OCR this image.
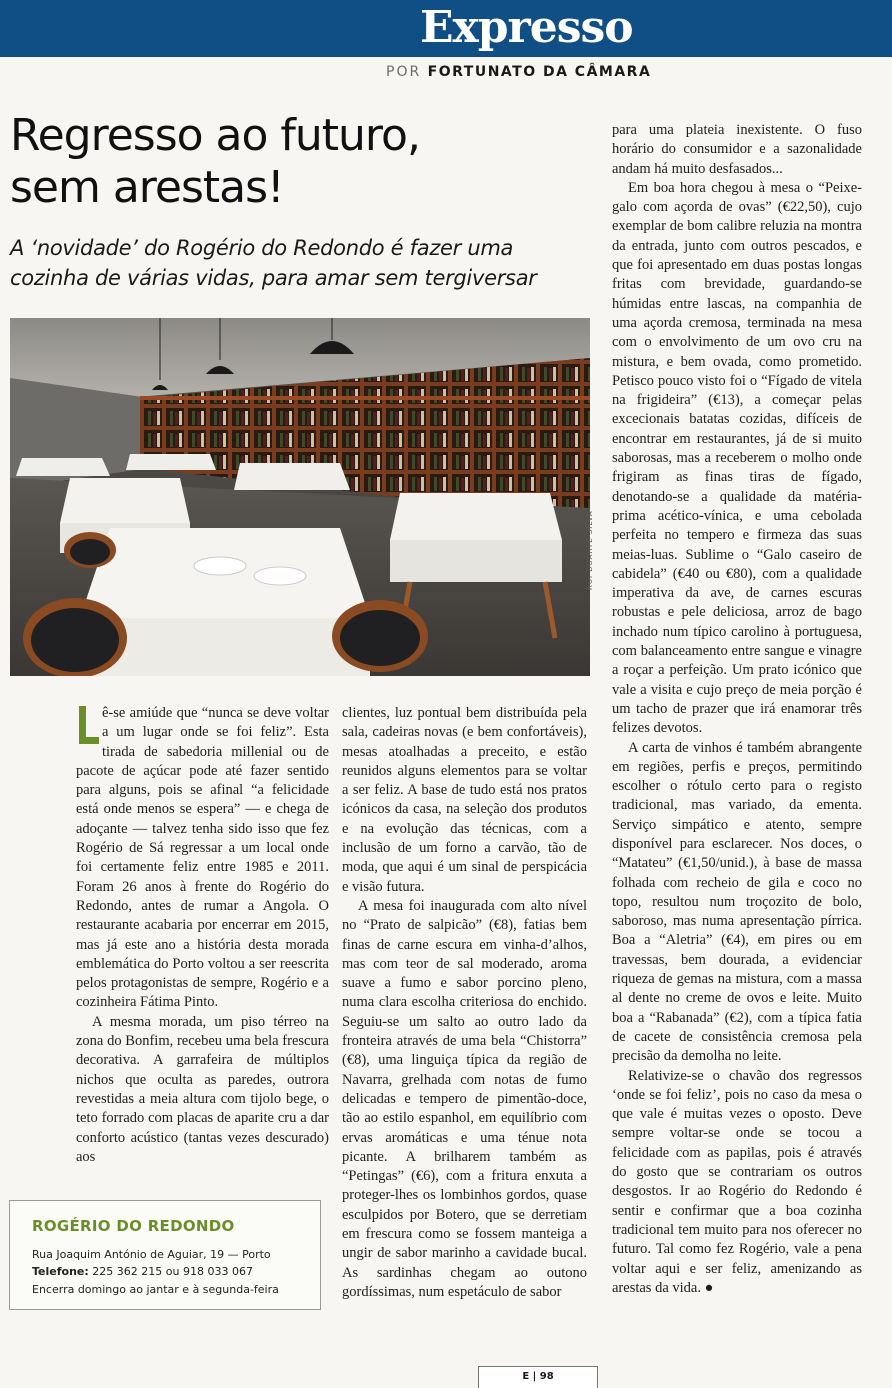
Expresso
POR FORTUNATO DA CÂMARA
Regresso ao futuro,
sem arestas!
A ‘novidade’ do Rogério do Redondo é fazer uma
cozinha de várias vidas, para amar sem tergiversar
RUI DUARTE SILVA
L

ê-se amiúde que “nunca se deve voltar a um lugar onde se foi feliz”. Esta tirada de sabedoria millenial ou de pacote de açúcar pode até fazer sentido para alguns, pois se afinal “a felicidade está onde menos se espera” — e chega de adoçante — talvez tenha sido isso que fez Rogério de Sá regressar a um local onde foi certamente feliz entre 1985 e 2011. Foram 26 anos à frente do Rogério do Redondo, antes de rumar a Angola. O restaurante acabaria por encerrar em 2015, mas já este ano a história desta morada emblemática do Porto voltou a ser reescrita pelos protagonistas de sempre, Rogério e a cozinheira Fátima Pinto.

A mesma morada, um piso térreo na zona do Bonfim, recebeu uma bela frescura decorativa. A garrafeira de múltiplos nichos que oculta as paredes, outrora revestidas a meia altura com tijolo bege, o teto forrado com placas de aparite cru a dar conforto acústico (tantas vezes descurado) aos

clientes, luz pontual bem distribuída pela sala, cadeiras novas (e bem confortáveis), mesas atoalhadas a preceito, e estão reunidos alguns elementos para se voltar a ser feliz. A base de tudo está nos pratos icónicos da casa, na seleção dos produtos e na evolução das técnicas, com a inclusão de um forno a carvão, tão de moda, que aqui é um sinal de perspicácia e visão futura.

A mesa foi inaugurada com alto nível no “Prato de salpicão” (€8), fatias bem finas de carne escura em vinha-d’alhos, mas com teor de sal moderado, aroma suave a fumo e sabor porcino pleno, numa clara escolha criteriosa do enchido. Seguiu-se um salto ao outro lado da fronteira através de uma bela “Chistorra” (€8), uma linguiça típica da região de Navarra, grelhada com notas de fumo delicadas e tempero de pimentão-doce, tão ao estilo espanhol, em equilíbrio com ervas aromáticas e uma ténue nota picante. A brilharem também as “Petingas” (€6), com a fritura enxuta a proteger-lhes os lombinhos gordos, quase esculpidos por Botero, que se derretiam em frescura como se fossem manteiga a ungir de sabor marinho a cavidade bucal. As sardinhas chegam ao outono gordíssimas, num espetáculo de sabor

para uma plateia inexistente. O fuso horário do consumidor e a sazonalidade andam há muito desfasados...

Em boa hora chegou à mesa o “Peixe-galo com açorda de ovas” (€22,50), cujo exemplar de bom calibre reluzia na montra da entrada, junto com outros pescados, e que foi apresentado em duas postas longas fritas com brevidade, guardando-se húmidas entre lascas, na companhia de uma açorda cremosa, terminada na mesa com o envolvimento de um ovo cru na mistura, e bem ovada, como prometido. Petisco pouco visto foi o “Fígado de vitela na frigideira” (€13), a começar pelas excecionais batatas cozidas, difíceis de encontrar em restaurantes, já de si muito saborosas, mas a receberem o molho onde frigiram as finas tiras de fígado, denotando-se a qualidade da matéria-prima acético-vínica, e uma cebolada perfeita no tempero e firmeza das suas meias-luas. Sublime o “Galo caseiro de cabidela” (€40 ou €80), com a qualidade imperativa da ave, de carnes escuras robustas e pele deliciosa, arroz de bago inchado num típico carolino à portuguesa, com balanceamento entre sangue e vinagre a roçar a perfeição. Um prato icónico que vale a visita e cujo preço de meia porção é um tacho de prazer que irá enamorar três felizes devotos.

A carta de vinhos é também abrangente em regiões, perfis e preços, permitindo escolher o rótulo certo para o registo tradicional, mas variado, da ementa. Serviço simpático e atento, sempre disponível para esclarecer. Nos doces, o “Matateu” (€1,50/unid.), à base de massa folhada com recheio de gila e coco no topo, resultou num troçozito de bolo, saboroso, mas numa apresentação pírrica. Boa a “Aletria” (€4), em pires ou em travessas, bem dourada, a evidenciar riqueza de gemas na mistura, com a massa al dente no creme de ovos e leite. Muito boa a “Rabanada” (€2), com a típica fatia de cacete de consistência cremosa pela precisão da demolha no leite.

Relativize-se o chavão dos regressos ‘onde se foi feliz’, pois no caso da mesa o que vale é muitas vezes o oposto. Deve sempre voltar-se onde se tocou a felicidade com as papilas, pois é através do gosto que se contrariam os outros desgostos. Ir ao Rogério do Redondo é sentir e confirmar que a boa cozinha tradicional tem muito para nos oferecer no futuro. Tal como fez Rogério, vale a pena voltar aqui e ser feliz, amenizando as arestas da vida. ●

ROGÉRIO DO REDONDO
Rua Joaquim António de Aguiar, 19 — Porto
Telefone: 225 362 215 ou 918 033 067
Encerra domingo ao jantar e à segunda-feira
E | 98
